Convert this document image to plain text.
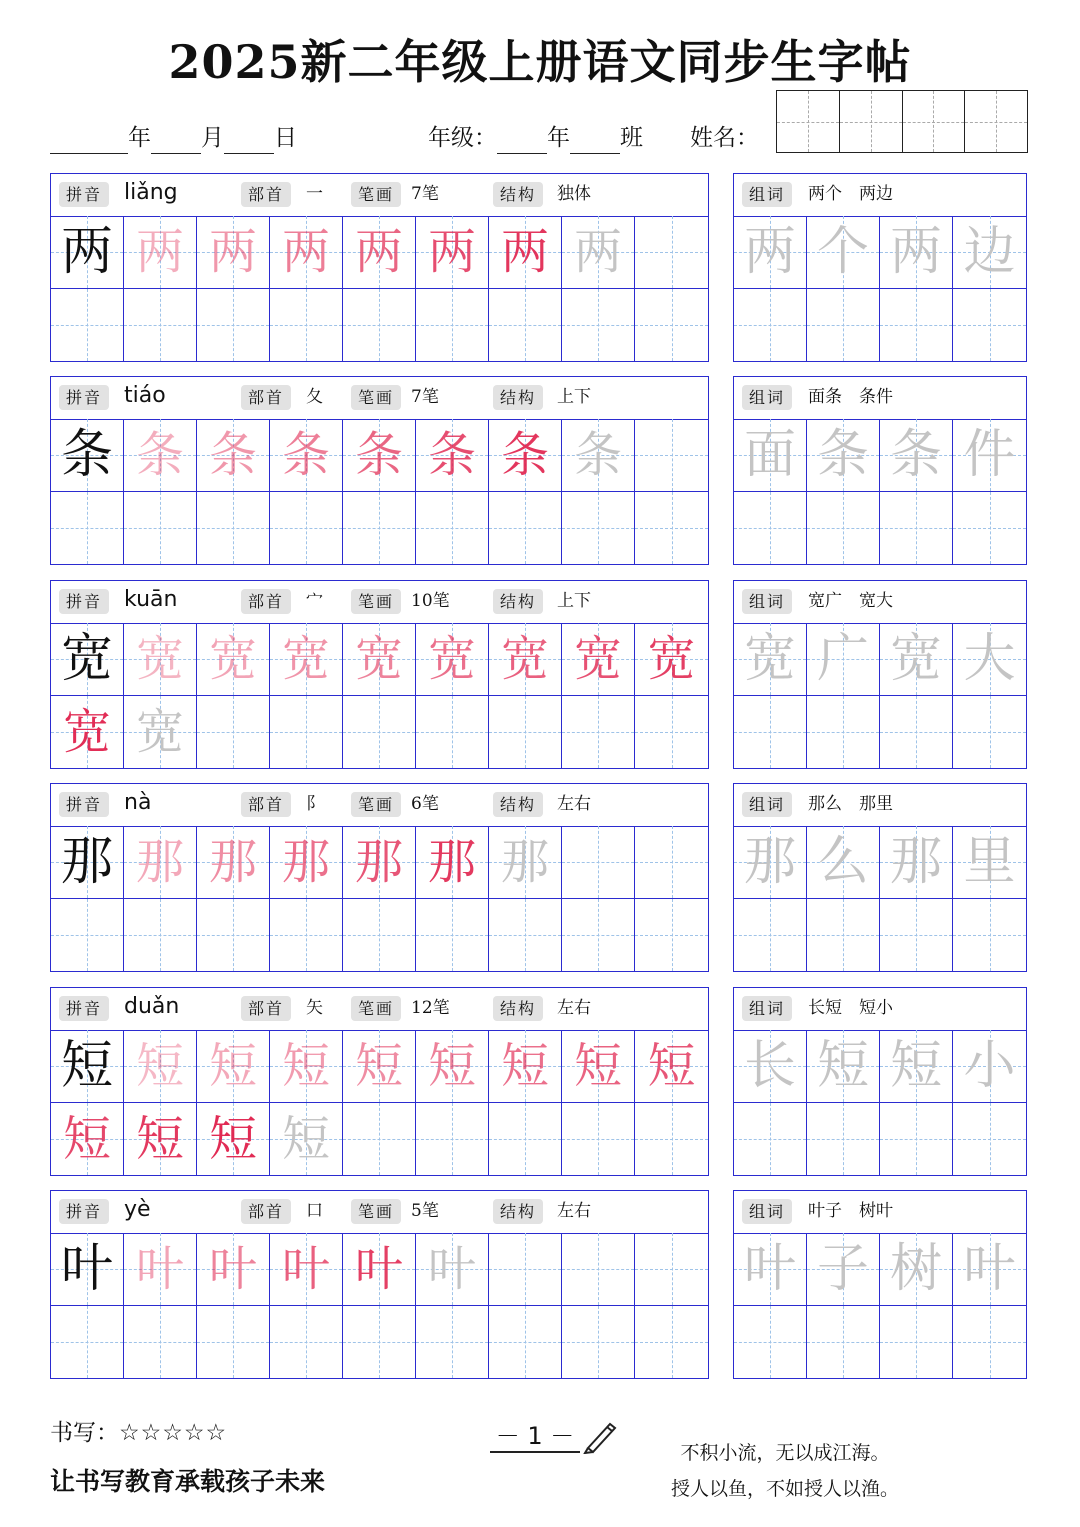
2025新二年级上册语文同步生字帖
年 月 日	年级： 年 班 姓名：
拼音 liǎng	部首	一	笔画 7笔	结构	独体
两 两 两 两 两 两 两 两
组词	两个　两边
两 个 两 边
拼音 tiáo	部首	夂	笔画 7笔	结构	上下
条 条 条 条 条 条 条 条
组词	面条　条件
面 条 条 件
拼音 kuān	部首	宀	笔画 10笔	结构	上下
宽 宽 宽 宽 宽 宽 宽 宽 宽
宽 宽
组词	宽广　宽大
宽 广 宽 大
拼音 nà	部首	阝	笔画 6笔	结构	左右
那 那 那 那 那 那 那
组词	那么　那里
那 么 那 里
拼音 duǎn	部首	矢	笔画 12笔	结构	左右
短 短 短 短 短 短 短 短 短
短 短 短 短
组词	长短　短小
长 短 短 小
拼音 yè	部首	口	笔画 5笔	结构	左右
叶 叶 叶 叶 叶 叶
组词	叶子　树叶
叶 子 树 叶
书写：☆☆☆☆☆
让书写教育承载孩子未来
－ 1 －
不积小流，无以成江海。
授人以鱼，不如授人以渔。
